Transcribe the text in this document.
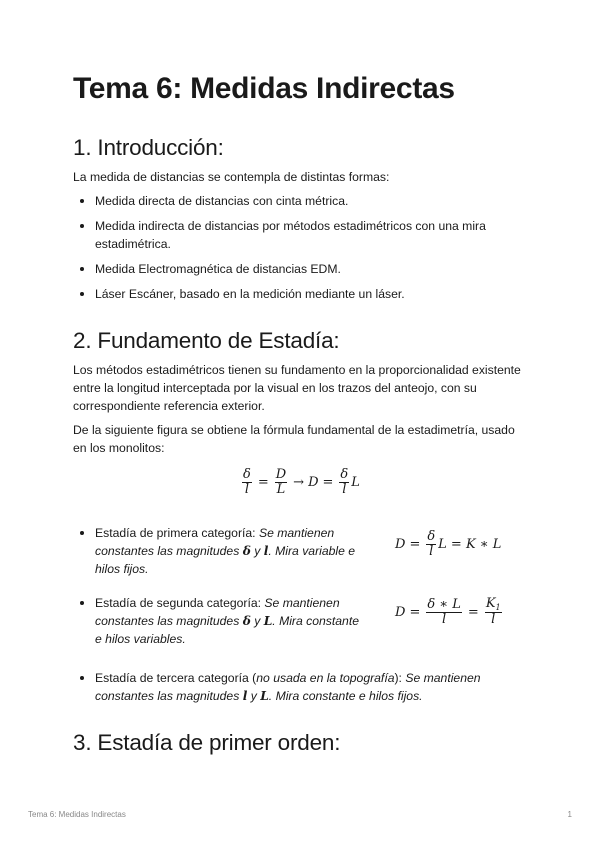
Tema 6: Medidas Indirectas
1. Introducción:

La medida de distancias se contempla de distintas formas:

Medida directa de distancias con cinta métrica.
Medida indirecta de distancias por métodos estadimétricos con una mira estadimétrica.
Medida Electromagnética de distancias EDM.
Láser Escáner, basado en la medición mediante un láser.
2. Fundamento de Estadía:

Los métodos estadimétricos tienen su fundamento en la proporcionalidad existente entre la longitud interceptada por la visual en los trazos del anteojo, con su correspondiente referencia exterior.

De la siguiente figura se obtiene la fórmula fundamental de la estadimetría, usado en los monolitos:

$\frac{\delta}{l} = \frac{D}{L} \to D = \frac{\delta}{l}$ L
Estadía de primera categoría: Se mantienen constantes las magnitudes δ y l. Mira variable e hilos fijos.
$D = \frac{\delta}{l}$ L = K ∗ L
Estadía de segunda categoría: Se mantienen constantes las magnitudes δ y L. Mira constante e hilos variables.
$D = \frac{\delta ∗ L}{l} = \frac{K_1}{l}$
Estadía de tercera categoría (no usada en la topografía): Se mantienen constantes las magnitudes l y L. Mira constante e hilos fijos.
3. Estadía de primer orden:
Tema 6: Medidas Indirectas	1
